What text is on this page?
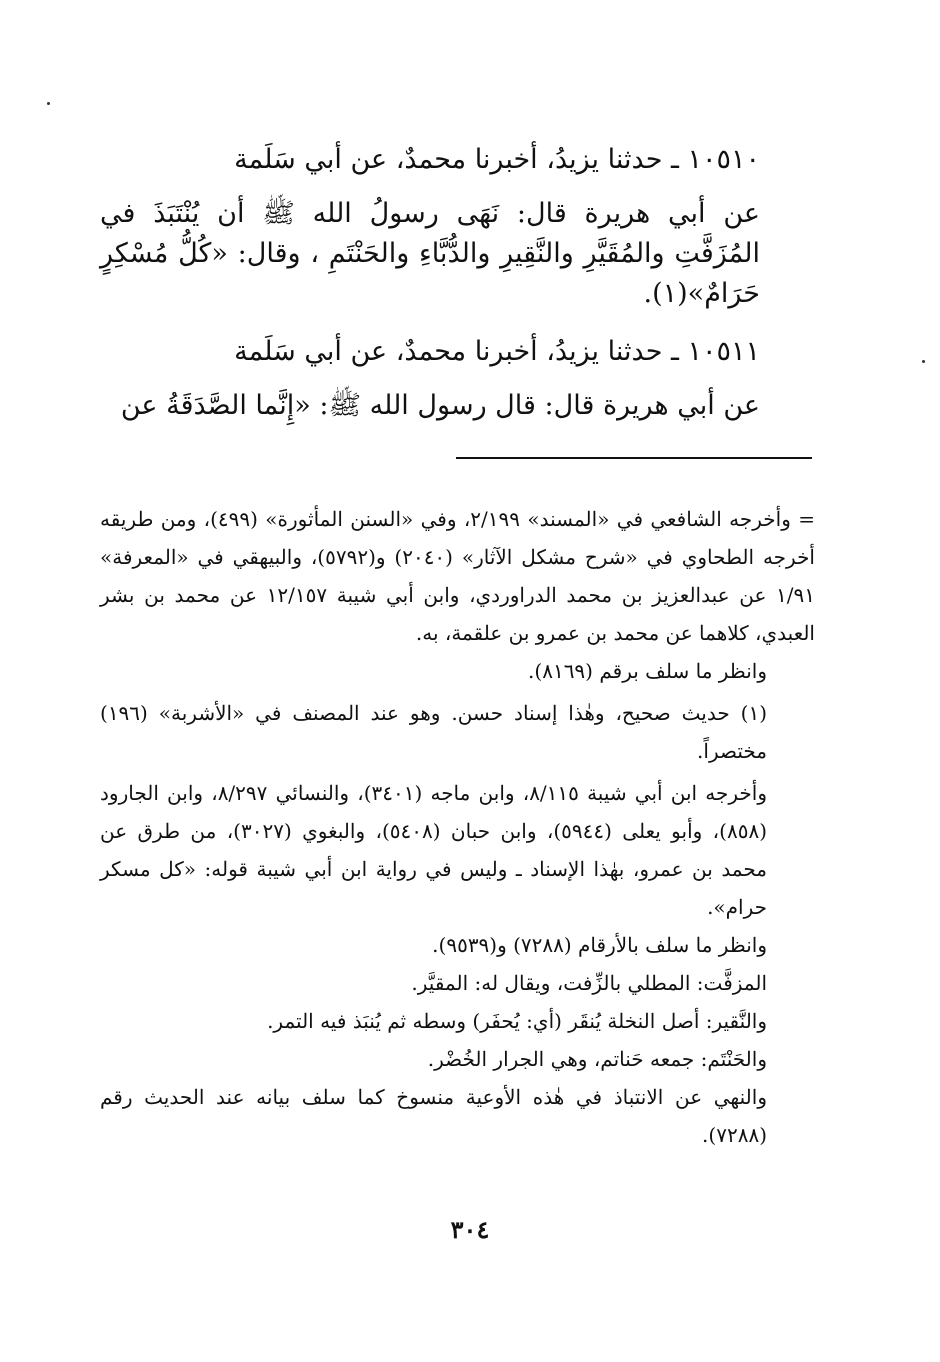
١٠٥١٠ ـ حدثنا يزيدُ، أخبرنا محمدٌ، عن أبي سَلَمة

عن أبي هريرة قال: نَهَى رسولُ الله ﷺ أن يُنْتَبَذَ في المُزَفَّتِ والمُقَيَّرِ والنَّقِيرِ والدُّبَّاءِ والحَنْتَمِ ، وقال: «كُلُّ مُسْكِرٍ حَرَامٌ»(١).

١٠٥١١ ـ حدثنا يزيدُ، أخبرنا محمدٌ، عن أبي سَلَمة

عن أبي هريرة قال: قال رسول الله ﷺ: «إِنَّما الصَّدَقَةُ عن

= وأخرجه الشافعي في «المسند» ٢/١٩٩، وفي «السنن المأثورة» (٤٩٩)، ومن طريقه أخرجه الطحاوي في «شرح مشكل الآثار» (٢٠٤٠) و(٥٧٩٢)، والبيهقي في «المعرفة» ١/٩١ عن عبدالعزيز بن محمد الدراوردي، وابن أبي شيبة ١٢/١٥٧ عن محمد بن بشر العبدي، كلاهما عن محمد بن عمرو بن علقمة، به.

وانظر ما سلف برقم (٨١٦٩).

(١) حديث صحيح، وهٰذا إسناد حسن. وهو عند المصنف في «الأشربة» (١٩٦) مختصراً.

وأخرجه ابن أبي شيبة ٨/١١٥، وابن ماجه (٣٤٠١)، والنسائي ٨/٢٩٧، وابن الجارود (٨٥٨)، وأبو يعلى (٥٩٤٤)، وابن حبان (٥٤٠٨)، والبغوي (٣٠٢٧)، من طرق عن محمد بن عمرو، بهٰذا الإسناد ـ وليس في رواية ابن أبي شيبة قوله: «كل مسكر حرام».

وانظر ما سلف بالأرقام (٧٢٨٨) و(٩٥٣٩).

المزفَّت: المطلي بالزِّفت، ويقال له: المقيَّر.

والنَّقير: أصل النخلة يُنقَر (أي: يُحفَر) وسطه ثم يُنبَذ فيه التمر.

والحَنْتَم: جمعه حَناتم، وهي الجرار الخُضْر.

والنهي عن الانتباذ في هٰذه الأوعية منسوخ كما سلف بيانه عند الحديث رقم (٧٢٨٨).

٣٠٤
